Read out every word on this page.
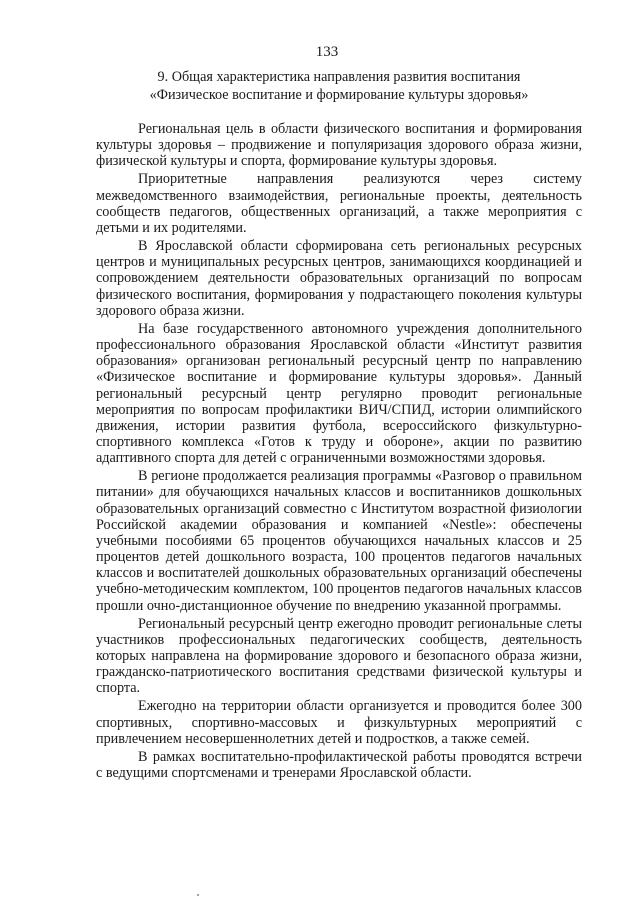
133
9. Общая характеристика направления развития воспитания
«Физическое воспитание и формирование культуры здоровья»

Региональная цель в области физического воспитания и формирования культуры здоровья – продвижение и популяризация здорового образа жизни, физической культуры и спорта, формирование культуры здоровья.

Приоритетные направления реализуются через систему межведомственного взаимодействия, региональные проекты, деятельность сообществ педагогов, общественных организаций, а также мероприятия с детьми и их родителями.

В Ярославской области сформирована сеть региональных ресурсных центров и муниципальных ресурсных центров, занимающихся координацией и сопровождением деятельности образовательных организаций по вопросам физического воспитания, формирования у подрастающего поколения культуры здорового образа жизни.

На базе государственного автономного учреждения дополнительного профессионального образования Ярославской области «Институт развития образования» организован региональный ресурсный центр по направлению «Физическое воспитание и формирование культуры здоровья». Данный региональный ресурсный центр регулярно проводит региональные мероприятия по вопросам профилактики ВИЧ/СПИД, истории олимпийского движения, истории развития футбола, всероссийского физкультурно-спортивного комплекса «Готов к труду и обороне», акции по развитию адаптивного спорта для детей с ограниченными возможностями здоровья.

В регионе продолжается реализация программы «Разговор о правильном питании» для обучающихся начальных классов и воспитанников дошкольных образовательных организаций совместно с Институтом возрастной физиологии Российской академии образования и компанией «Nestle»: обеспечены учебными пособиями 65 процентов обучающихся начальных классов и 25 процентов детей дошкольного возраста, 100 процентов педагогов начальных классов и воспитателей дошкольных образовательных организаций обеспечены учебно-методическим комплектом, 100 процентов педагогов начальных классов прошли очно-дистанционное обучение по внедрению указанной программы.

Региональный ресурсный центр ежегодно проводит региональные слеты участников профессиональных педагогических сообществ, деятельность которых направлена на формирование здорового и безопасного образа жизни, гражданско-патриотического воспитания средствами физической культуры и спорта.

Ежегодно на территории области организуется и проводится более 300 спортивных, спортивно-массовых и физкультурных мероприятий с привлечением несовершеннолетних детей и подростков, а также семей.

В рамках воспитательно-профилактической работы проводятся встречи с ведущими спортсменами и тренерами Ярославской области.
